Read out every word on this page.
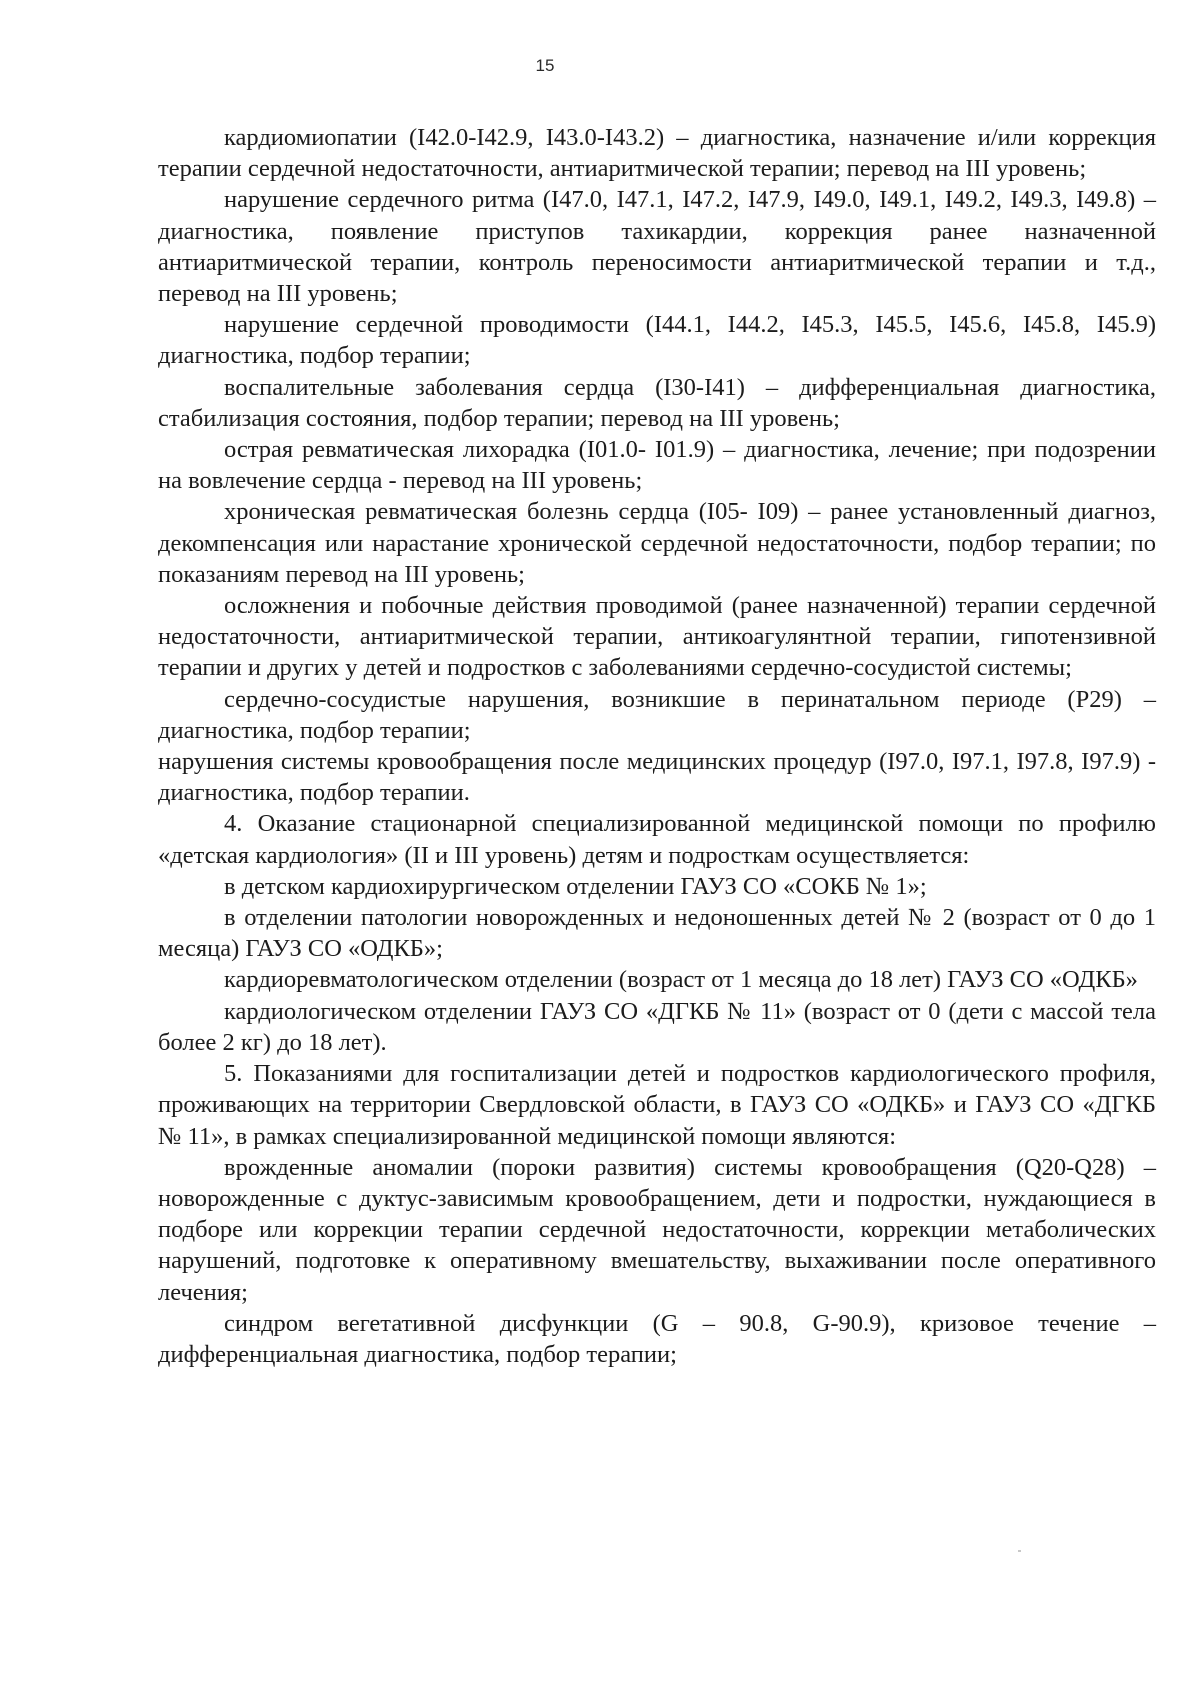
15

кардиомиопатии (I42.0-I42.9, I43.0-I43.2) – диагностика, назначение и/или коррекция терапии сердечной недостаточности, антиаритмической терапии; перевод на III уровень;

нарушение сердечного ритма (I47.0, I47.1, I47.2, I47.9, I49.0, I49.1, I49.2, I49.3, I49.8) – диагностика, появление приступов тахикардии, коррекция ранее назначенной антиаритмической терапии, контроль переносимости антиаритмической терапии и т.д., перевод на III уровень;

нарушение сердечной проводимости (I44.1, I44.2, I45.3, I45.5, I45.6, I45.8, I45.9) диагностика, подбор терапии;

воспалительные заболевания сердца (I30-I41) – дифференциальная диагностика, стабилизация состояния, подбор терапии; перевод на III уровень;

острая ревматическая лихорадка (I01.0- I01.9) – диагностика, лечение; при подозрении на вовлечение сердца - перевод на III уровень;

хроническая ревматическая болезнь сердца (I05- I09) – ранее установленный диагноз, декомпенсация или нарастание хронической сердечной недостаточности, подбор терапии; по показаниям перевод на III уровень;

осложнения и побочные действия проводимой (ранее назначенной) терапии сердечной недостаточности, антиаритмической терапии, антикоагулянтной терапии, гипотензивной терапии и других у детей и подростков с заболеваниями сердечно-сосудистой системы;

сердечно-сосудистые нарушения, возникшие в перинатальном периоде (P29) – диагностика, подбор терапии;

нарушения системы кровообращения после медицинских процедур (I97.0, I97.1, I97.8, I97.9) - диагностика, подбор терапии.

4. Оказание стационарной специализированной медицинской помощи по профилю «детская кардиология» (II и III уровень) детям и подросткам осуществляется:

в детском кардиохирургическом отделении ГАУЗ СО «СОКБ № 1»;

в отделении патологии новорожденных и недоношенных детей № 2 (возраст от 0 до 1 месяца) ГАУЗ СО «ОДКБ»;

кардиоревматологическом отделении (возраст от 1 месяца до 18 лет) ГАУЗ СО «ОДКБ»

кардиологическом отделении ГАУЗ СО «ДГКБ № 11» (возраст от 0 (дети с массой тела более 2 кг) до 18 лет).

5. Показаниями для госпитализации детей и подростков кардиологического профиля, проживающих на территории Свердловской области, в ГАУЗ СО «ОДКБ» и ГАУЗ СО «ДГКБ № 11», в рамках специализированной медицинской помощи являются:

врожденные аномалии (пороки развития) системы кровообращения (Q20-Q28) – новорожденные с дуктус-зависимым кровообращением, дети и подростки, нуждающиеся в подборе или коррекции терапии сердечной недостаточности, коррекции метаболических нарушений, подготовке к оперативному вмешательству, выхаживании после оперативного лечения;

синдром вегетативной дисфункции (G – 90.8, G-90.9), кризовое течение – дифференциальная диагностика, подбор терапии;
